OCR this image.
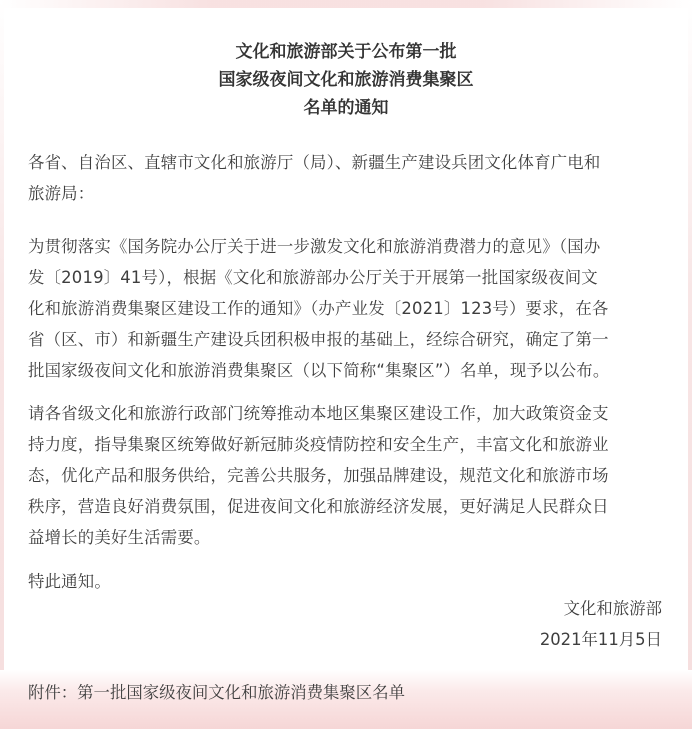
文化和旅游部关于公布第一批
国家级夜间文化和旅游消费集聚区
名单的通知
各省、自治区、直辖市文化和旅游厅（局）、新疆生产建设兵团文化体育广电和
旅游局：
为贯彻落实《国务院办公厅关于进一步激发文化和旅游消费潜力的意见》（国办
发〔2019〕41号），根据《文化和旅游部办公厅关于开展第一批国家级夜间文
化和旅游消费集聚区建设工作的通知》（办产业发〔2021〕123号）要求，在各
省（区、市）和新疆生产建设兵团积极申报的基础上，经综合研究，确定了第一
批国家级夜间文化和旅游消费集聚区（以下简称“集聚区”）名单，现予以公布。
请各省级文化和旅游行政部门统筹推动本地区集聚区建设工作，加大政策资金支
持力度，指导集聚区统筹做好新冠肺炎疫情防控和安全生产，丰富文化和旅游业
态，优化产品和服务供给，完善公共服务，加强品牌建设，规范文化和旅游市场
秩序，营造良好消费氛围，促进夜间文化和旅游经济发展，更好满足人民群众日
益增长的美好生活需要。
特此通知。
文化和旅游部
2021年11月5日
附件：第一批国家级夜间文化和旅游消费集聚区名单
